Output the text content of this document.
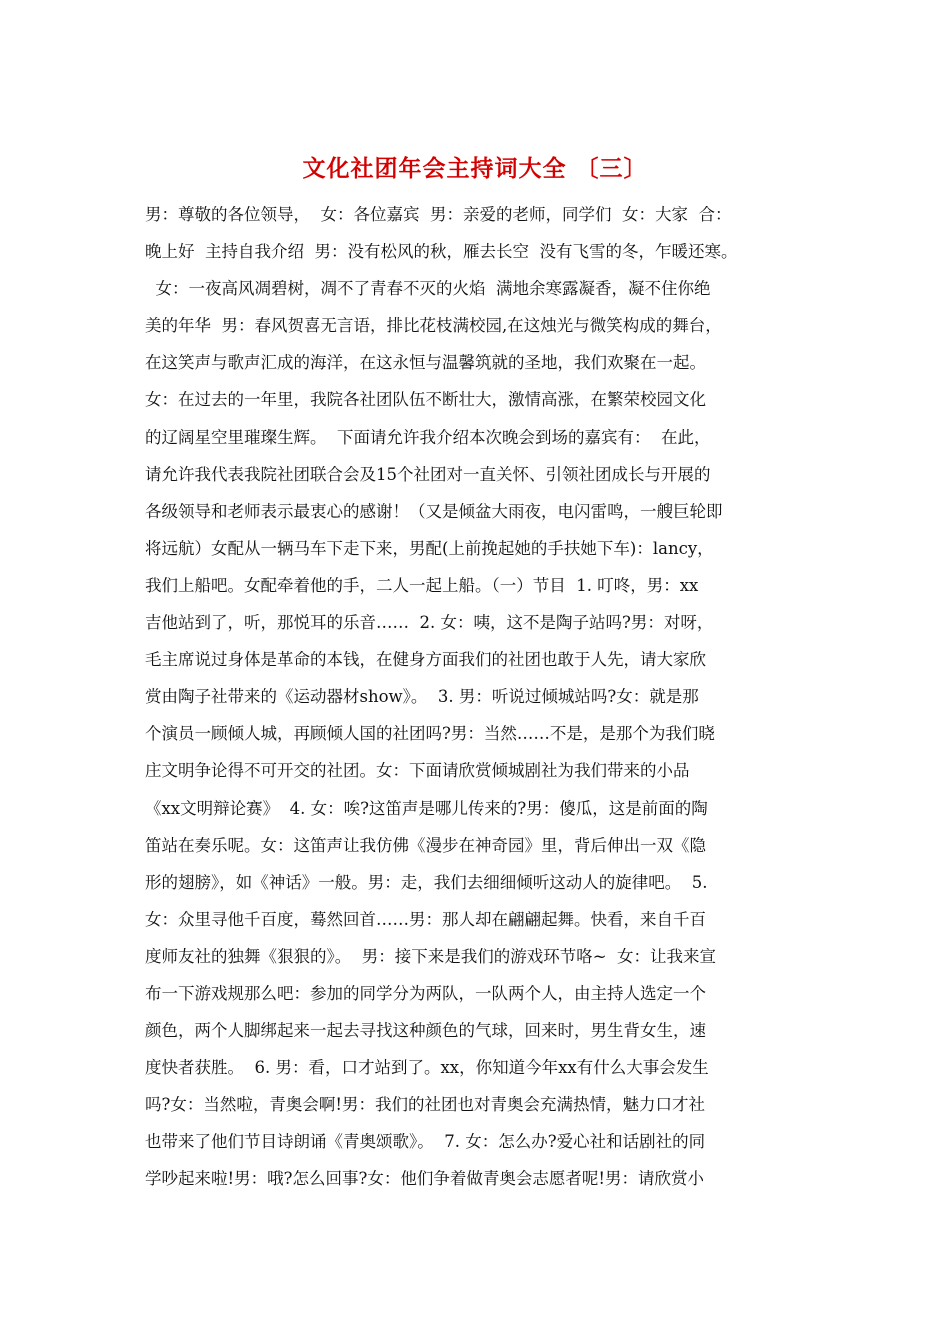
文化社团年会主持词大全 〔三〕
男：尊敬的各位领导，  女：各位嘉宾  男：亲爱的老师，同学们  女：大家  合：
晚上好  主持自我介绍  男：没有松风的秋，雁去长空  没有飞雪的冬，乍暖还寒。
女：一夜高风凋碧树，凋不了青春不灭的火焰  满地余寒露凝香，凝不住你绝
美的年华  男：春风贺喜无言语，排比花枝满校园,在这烛光与微笑构成的舞台，
在这笑声与歌声汇成的海洋，在这永恒与温馨筑就的圣地，我们欢聚在一起。
女：在过去的一年里，我院各社团队伍不断壮大，激情高涨，在繁荣校园文化
的辽阔星空里璀璨生辉。  下面请允许我介绍本次晚会到场的嘉宾有：  在此，
请允许我代表我院社团联合会及15个社团对一直关怀、引领社团成长与开展的
各级领导和老师表示最衷心的感谢！（又是倾盆大雨夜，电闪雷鸣，一艘巨轮即
将远航）女配从一辆马车下走下来，男配(上前挽起她的手扶她下车)：lancy，
我们上船吧。女配牵着他的手，二人一起上船。（一）节目  1. 叮咚，男：xx
吉他站到了，听，那悦耳的乐音……  2. 女：咦，这不是陶子站吗?男：对呀，
毛主席说过身体是革命的本钱，在健身方面我们的社团也敢于人先，请大家欣
赏由陶子社带来的《运动器材show》。  3. 男：听说过倾城站吗?女：就是那
个演员一顾倾人城，再顾倾人国的社团吗?男：当然……不是，是那个为我们晓
庄文明争论得不可开交的社团。女：下面请欣赏倾城剧社为我们带来的小品
《xx文明辩论赛》  4. 女：唉?这笛声是哪儿传来的?男：傻瓜，这是前面的陶
笛站在奏乐呢。女：这笛声让我仿佛《漫步在神奇园》里，背后伸出一双《隐
形的翅膀》，如《神话》一般。男：走，我们去细细倾听这动人的旋律吧。  5.
女：众里寻他千百度，蓦然回首……男：那人却在翩翩起舞。快看，来自千百
度师友社的独舞《狠狠的》。  男：接下来是我们的游戏环节咯~  女：让我来宣
布一下游戏规那么吧：参加的同学分为两队，一队两个人，由主持人选定一个
颜色，两个人脚绑起来一起去寻找这种颜色的气球，回来时，男生背女生，速
度快者获胜。  6. 男：看，口才站到了。xx，你知道今年xx有什么大事会发生
吗?女：当然啦，青奥会啊!男：我们的社团也对青奥会充满热情，魅力口才社
也带来了他们节目诗朗诵《青奥颂歌》。  7. 女：怎么办?爱心社和话剧社的同
学吵起来啦!男：哦?怎么回事?女：他们争着做青奥会志愿者呢!男：请欣赏小
